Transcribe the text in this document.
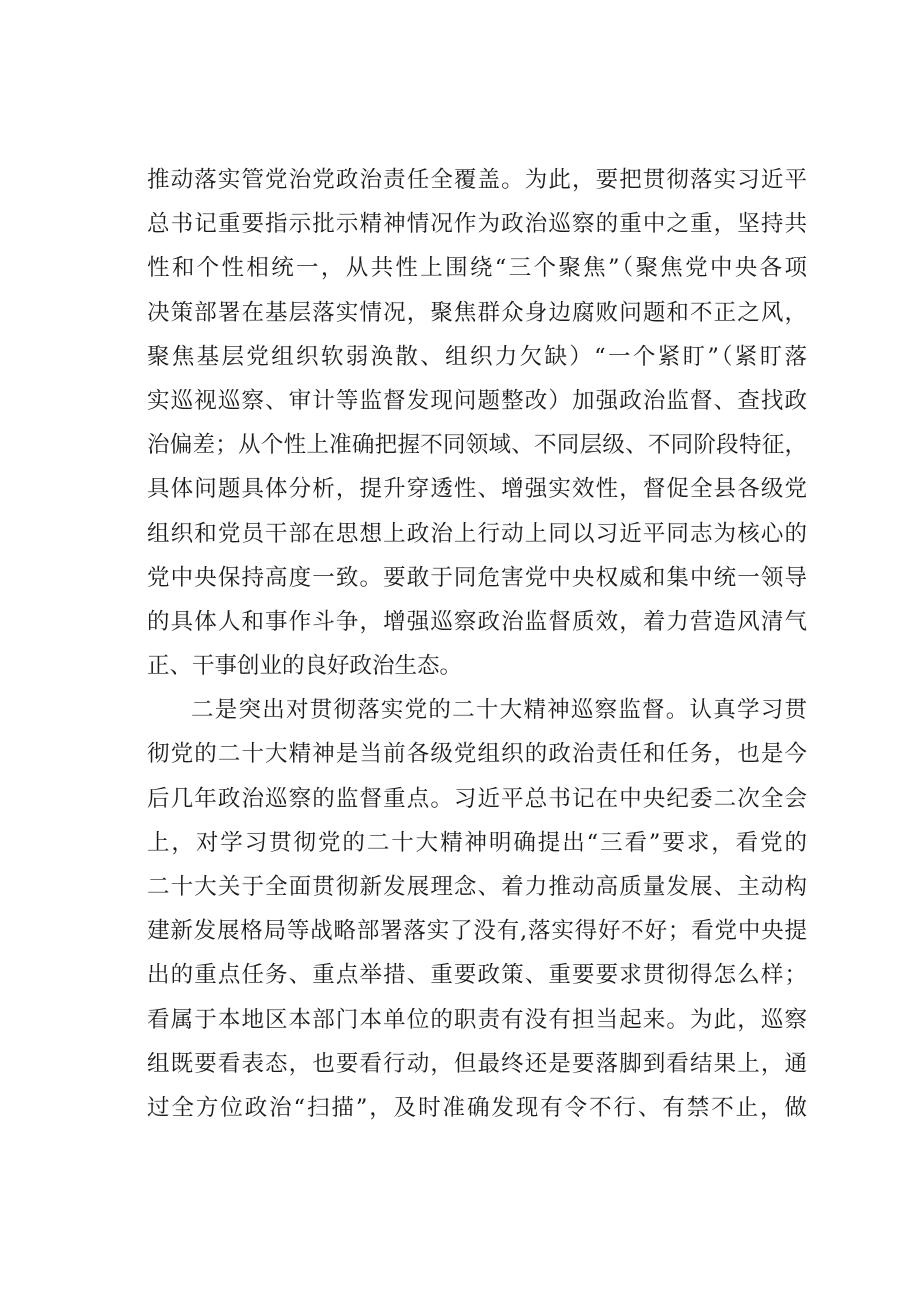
推动落实管党治党政治责任全覆盖。为此，要把贯彻落实习近平
总书记重要指示批示精神情况作为政治巡察的重中之重，坚持共
性和个性相统一，从共性上围绕“三个聚焦”（聚焦党中央各项
决策部署在基层落实情况，聚焦群众身边腐败问题和不正之风，
聚焦基层党组织软弱涣散、组织力欠缺）“一个紧盯”（紧盯落
实巡视巡察、审计等监督发现问题整改）加强政治监督、查找政
治偏差；从个性上准确把握不同领域、不同层级、不同阶段特征，
具体问题具体分析，提升穿透性、增强实效性，督促全县各级党
组织和党员干部在思想上政治上行动上同以习近平同志为核心的
党中央保持高度一致。要敢于同危害党中央权威和集中统一领导
的具体人和事作斗争，增强巡察政治监督质效，着力营造风清气
正、干事创业的良好政治生态。
二是突出对贯彻落实党的二十大精神巡察监督。认真学习贯
彻党的二十大精神是当前各级党组织的政治责任和任务，也是今
后几年政治巡察的监督重点。习近平总书记在中央纪委二次全会
上，对学习贯彻党的二十大精神明确提出“三看”要求，看党的
二十大关于全面贯彻新发展理念、着力推动高质量发展、主动构
建新发展格局等战略部署落实了没有,落实得好不好；看党中央提
出的重点任务、重点举措、重要政策、重要要求贯彻得怎么样；
看属于本地区本部门本单位的职责有没有担当起来。为此，巡察
组既要看表态，也要看行动，但最终还是要落脚到看结果上，通
过全方位政治“扫描”，及时准确发现有令不行、有禁不止，做
